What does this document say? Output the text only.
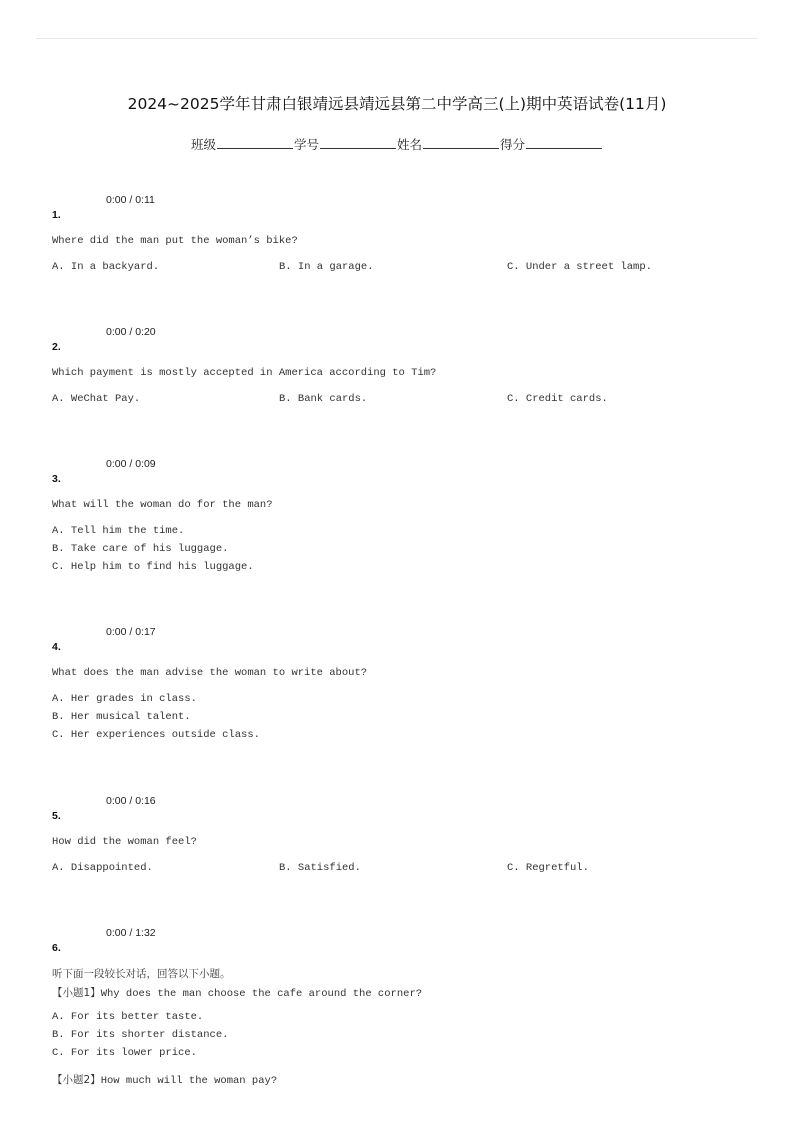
2024~2025学年甘肃白银靖远县靖远县第二中学高三(上)期中英语试卷(11月)
班级	学号	姓名	得分
0:00 / 0:11
1.
Where did the man put the woman’s bike?
A. In a backyard.	B. In a garage.	C. Under a street lamp.
0:00 / 0:20
2.
Which payment is mostly accepted in America according to Tim?
A. WeChat Pay.	B. Bank cards.	C. Credit cards.
0:00 / 0:09
3.
What will the woman do for the man?
A. Tell him the time.
B. Take care of his luggage.
C. Help him to find his luggage.
0:00 / 0:17
4.
What does the man advise the woman to write about?
A. Her grades in class.
B. Her musical talent.
C. Her experiences outside class.
0:00 / 0:16
5.
How did the woman feel?
A. Disappointed.	B. Satisfied.	C. Regretful.
0:00 / 1:32
6.
听下面一段较长对话，回答以下小题。
【小题1】Why does the man choose the cafe around the corner?
A. For its better taste.
B. For its shorter distance.
C. For its lower price.
【小题2】How much will the woman pay?
